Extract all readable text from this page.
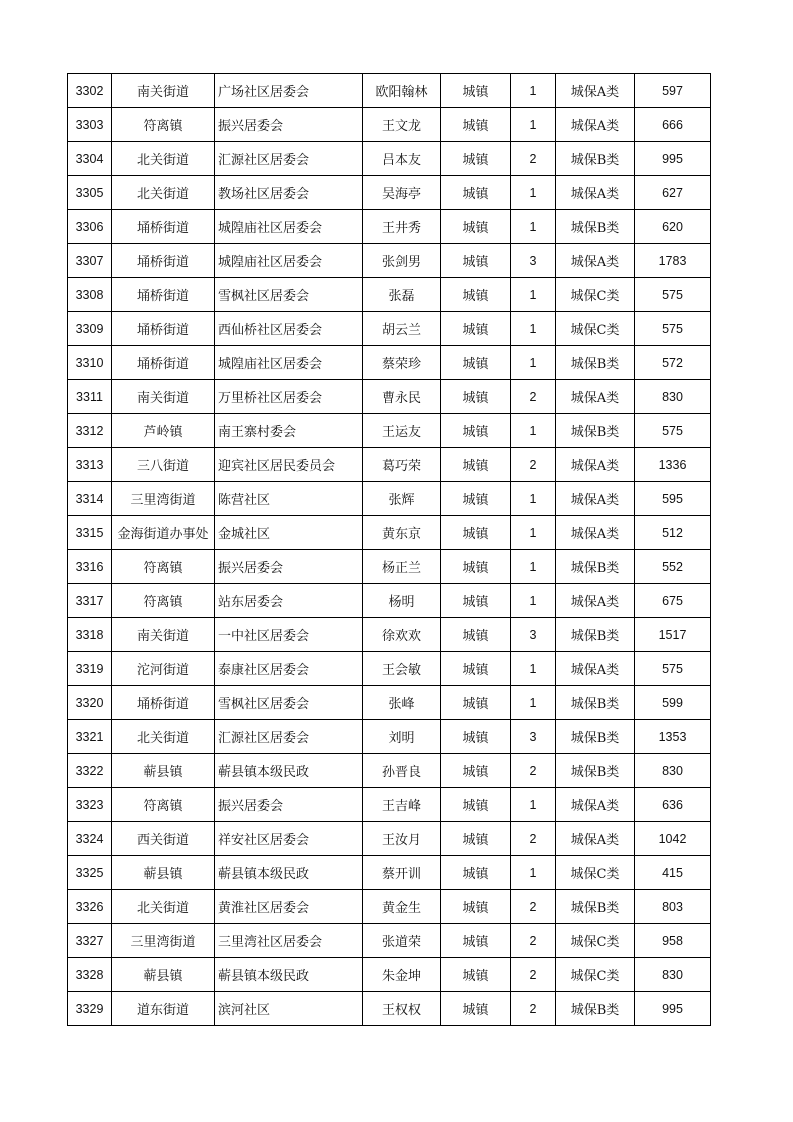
3302	南关街道	广场社区居委会	欧阳翰林	城镇	1	城保A类	597
3303	符离镇	振兴居委会	王文龙	城镇	1	城保A类	666
3304	北关街道	汇源社区居委会	吕本友	城镇	2	城保B类	995
3305	北关街道	教场社区居委会	吴海亭	城镇	1	城保A类	627
3306	埇桥街道	城隍庙社区居委会	王井秀	城镇	1	城保B类	620
3307	埇桥街道	城隍庙社区居委会	张剑男	城镇	3	城保A类	1783
3308	埇桥街道	雪枫社区居委会	张磊	城镇	1	城保C类	575
3309	埇桥街道	西仙桥社区居委会	胡云兰	城镇	1	城保C类	575
3310	埇桥街道	城隍庙社区居委会	蔡荣珍	城镇	1	城保B类	572
3311	南关街道	万里桥社区居委会	曹永民	城镇	2	城保A类	830
3312	芦岭镇	南王寨村委会	王运友	城镇	1	城保B类	575
3313	三八街道	迎宾社区居民委员会	葛巧荣	城镇	2	城保A类	1336
3314	三里湾街道	陈营社区	张辉	城镇	1	城保A类	595
3315	金海街道办事处	金城社区	黄东京	城镇	1	城保A类	512
3316	符离镇	振兴居委会	杨正兰	城镇	1	城保B类	552
3317	符离镇	站东居委会	杨明	城镇	1	城保A类	675
3318	南关街道	一中社区居委会	徐欢欢	城镇	3	城保B类	1517
3319	沱河街道	泰康社区居委会	王会敏	城镇	1	城保A类	575
3320	埇桥街道	雪枫社区居委会	张峰	城镇	1	城保B类	599
3321	北关街道	汇源社区居委会	刘明	城镇	3	城保B类	1353
3322	蕲县镇	蕲县镇本级民政	孙晋良	城镇	2	城保B类	830
3323	符离镇	振兴居委会	王吉峰	城镇	1	城保A类	636
3324	西关街道	祥安社区居委会	王汝月	城镇	2	城保A类	1042
3325	蕲县镇	蕲县镇本级民政	蔡开训	城镇	1	城保C类	415
3326	北关街道	黄淮社区居委会	黄金生	城镇	2	城保B类	803
3327	三里湾街道	三里湾社区居委会	张道荣	城镇	2	城保C类	958
3328	蕲县镇	蕲县镇本级民政	朱金坤	城镇	2	城保C类	830
3329	道东街道	滨河社区	王权权	城镇	2	城保B类	995
